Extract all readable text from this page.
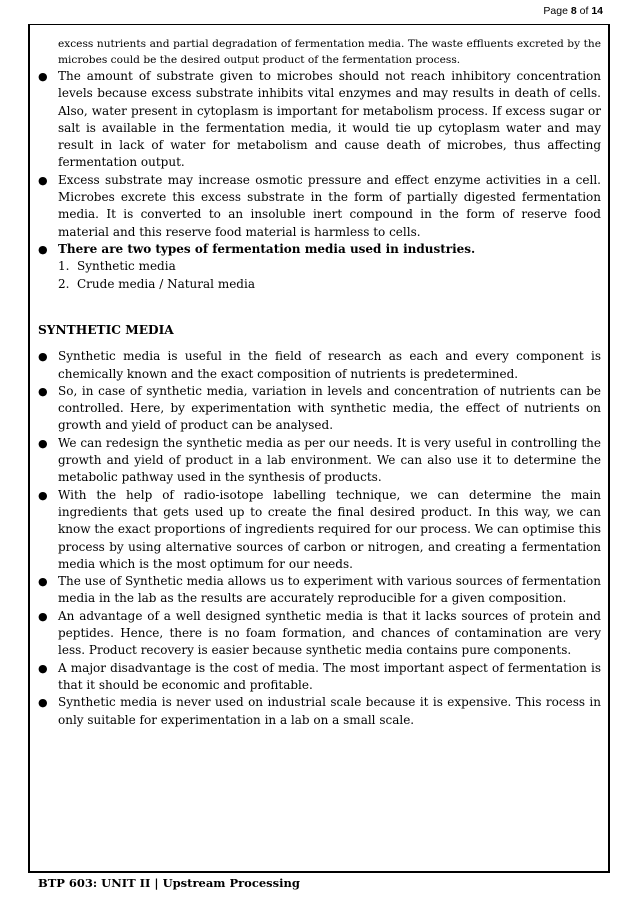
Page 8 of 14

excess nutrients and partial degradation of fermentation media. The waste effluents excreted by the microbes could be the desired output product of the fermentation process.

● The amount of substrate given to microbes should not reach inhibitory concentration levels because excess substrate inhibits vital enzymes and may results in death of cells. Also, water present in cytoplasm is important for metabolism process. If excess sugar or salt is available in the fermentation media, it would tie up cytoplasm water and may result in lack of water for metabolism and cause death of microbes, thus affecting fermentation output.
● Excess substrate may increase osmotic pressure and effect enzyme activities in a cell. Microbes excrete this excess substrate in the form of partially digested fermentation media. It is converted to an insoluble inert compound in the form of reserve food material and this reserve food material is harmless to cells.
● There are two types of fermentation media used in industries.
1. Synthetic media
2. Crude media / Natural media
SYNTHETIC MEDIA
● Synthetic media is useful in the field of research as each and every component is chemically known and the exact composition of nutrients is predetermined.
● So, in case of synthetic media, variation in levels and concentration of nutrients can be controlled. Here, by experimentation with synthetic media, the effect of nutrients on growth and yield of product can be analysed.
● We can redesign the synthetic media as per our needs. It is very useful in controlling the growth and yield of product in a lab environment. We can also use it to determine the metabolic pathway used in the synthesis of products.
● With the help of radio-isotope labelling technique, we can determine the main ingredients that gets used up to create the final desired product. In this way, we can know the exact proportions of ingredients required for our process. We can optimise this process by using alternative sources of carbon or nitrogen, and creating a fermentation media which is the most optimum for our needs.
● The use of Synthetic media allows us to experiment with various sources of fermentation media in the lab as the results are accurately reproducible for a given composition.
● An advantage of a well designed synthetic media is that it lacks sources of protein and peptides. Hence, there is no foam formation, and chances of contamination are very less. Product recovery is easier because synthetic media contains pure components.
● A major disadvantage is the cost of media. The most important aspect of fermentation is that it should be economic and profitable.
● Synthetic media is never used on industrial scale because it is expensive. This rocess in only suitable for experimentation in a lab on a small scale.
BTP 603: UNIT II | Upstream Processing
